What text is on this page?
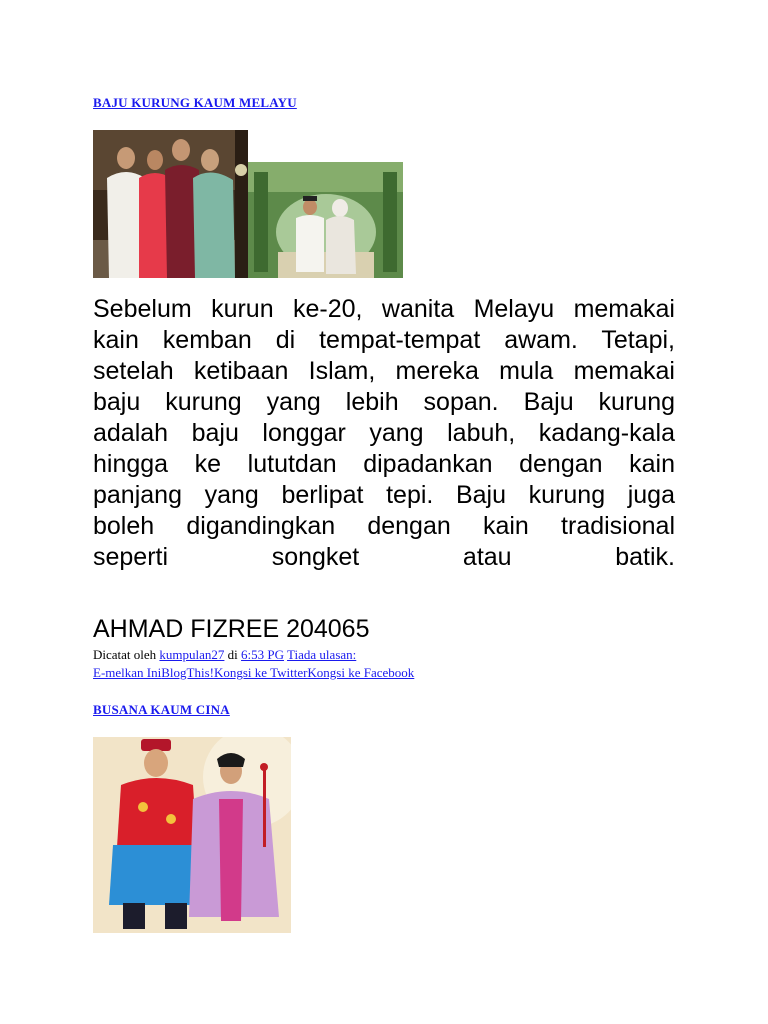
BAJU KURUNG KAUM MELAYU
Sebelum kurun ke-20, wanita Melayu memakai
kain kemban di tempat-tempat awam. Tetapi,
setelah ketibaan Islam, mereka mula memakai
baju kurung yang lebih sopan. Baju kurung
adalah baju longgar yang labuh, kadang-kala
hingga ke lututdan dipadankan dengan kain
panjang yang berlipat tepi. Baju kurung juga
boleh digandingkan dengan kain tradisional
seperti songket atau batik.
AHMAD FIZREE 204065
Dicatat oleh kumpulan27 di 6:53 PG Tiada ulasan:
E-melkan IniBlogThis!Kongsi ke TwitterKongsi ke Facebook
BUSANA KAUM CINA
